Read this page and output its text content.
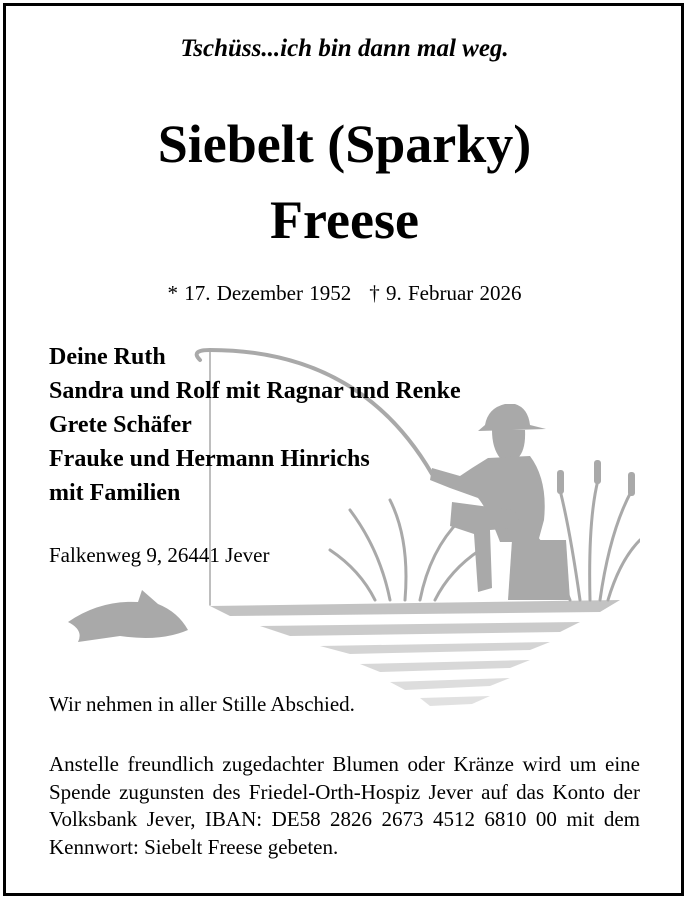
Tschüss...ich bin dann mal weg.
Siebelt (Sparky)
Freese
* 17. Dezember 1952 † 9. Februar 2026
Deine Ruth
Sandra und Rolf mit Ragnar und Renke
Grete Schäfer
Frauke und Hermann Hinrichs
mit Familien
Falkenweg 9, 26441 Jever
Wir nehmen in aller Stille Abschied.

Anstelle freundlich zugedachter Blumen oder Kränze wird um eine Spende zugunsten des Friedel-Orth-Hospiz Jever auf das Konto der Volksbank Jever, IBAN: DE58 2826 2673 4512 6810 00 mit dem Kennwort: Siebelt Freese gebeten.
